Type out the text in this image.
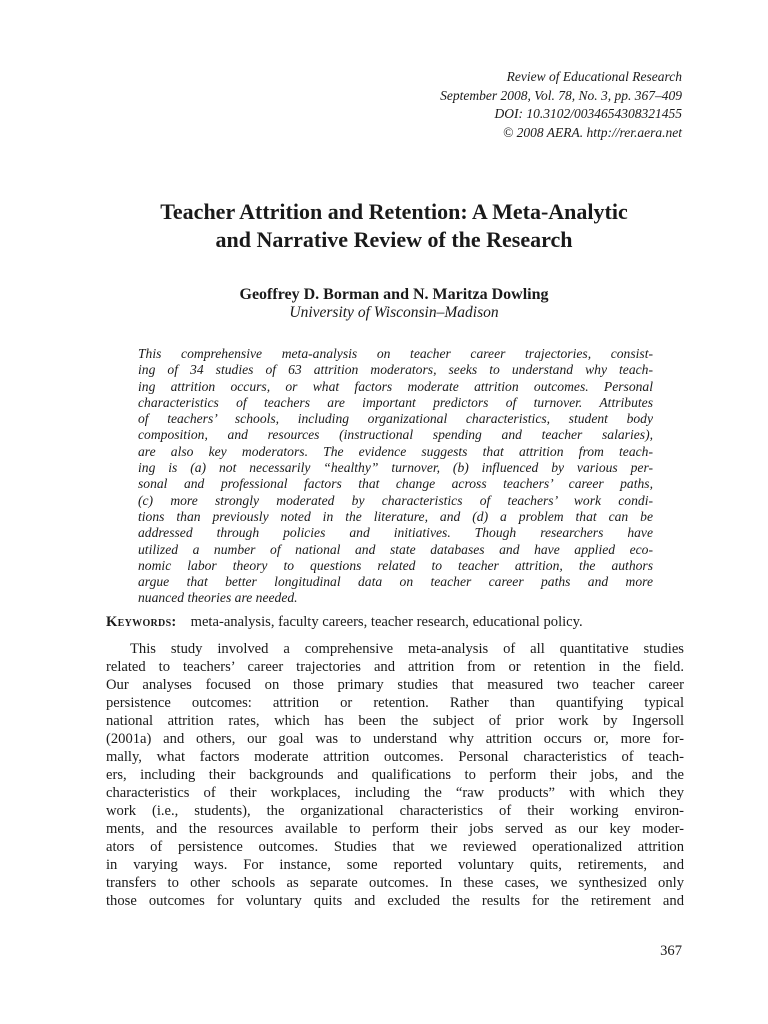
Review of Educational Research
September 2008, Vol. 78, No. 3, pp. 367–409
DOI: 10.3102/0034654308321455
© 2008 AERA. http://rer.aera.net
Teacher Attrition and Retention: A Meta-Analytic
and Narrative Review of the Research
Geoffrey D. Borman and N. Maritza Dowling
University of Wisconsin–Madison
This comprehensive meta-analysis on teacher career trajectories, consist-
ing of 34 studies of 63 attrition moderators, seeks to understand why teach-
ing attrition occurs, or what factors moderate attrition outcomes. Personal
characteristics of teachers are important predictors of turnover. Attributes
of teachers’ schools, including organizational characteristics, student body
composition, and resources (instructional spending and teacher salaries),
are also key moderators. The evidence suggests that attrition from teach-
ing is (a) not necessarily “healthy” turnover, (b) influenced by various per-
sonal and professional factors that change across teachers’ career paths,
(c) more strongly moderated by characteristics of teachers’ work condi-
tions than previously noted in the literature, and (d) a problem that can be
addressed through policies and initiatives. Though researchers have
utilized a number of national and state databases and have applied eco-
nomic labor theory to questions related to teacher attrition, the authors
argue that better longitudinal data on teacher career paths and more
nuanced theories are needed.
Keywords: meta-analysis, faculty careers, teacher research, educational policy.
This study involved a comprehensive meta-analysis of all quantitative studies
related to teachers’ career trajectories and attrition from or retention in the field.
Our analyses focused on those primary studies that measured two teacher career
persistence outcomes: attrition or retention. Rather than quantifying typical
national attrition rates, which has been the subject of prior work by Ingersoll
(2001a) and others, our goal was to understand why attrition occurs or, more for-
mally, what factors moderate attrition outcomes. Personal characteristics of teach-
ers, including their backgrounds and qualifications to perform their jobs, and the
characteristics of their workplaces, including the “raw products” with which they
work (i.e., students), the organizational characteristics of their working environ-
ments, and the resources available to perform their jobs served as our key moder-
ators of persistence outcomes. Studies that we reviewed operationalized attrition
in varying ways. For instance, some reported voluntary quits, retirements, and
transfers to other schools as separate outcomes. In these cases, we synthesized only
those outcomes for voluntary quits and excluded the results for the retirement and
367
